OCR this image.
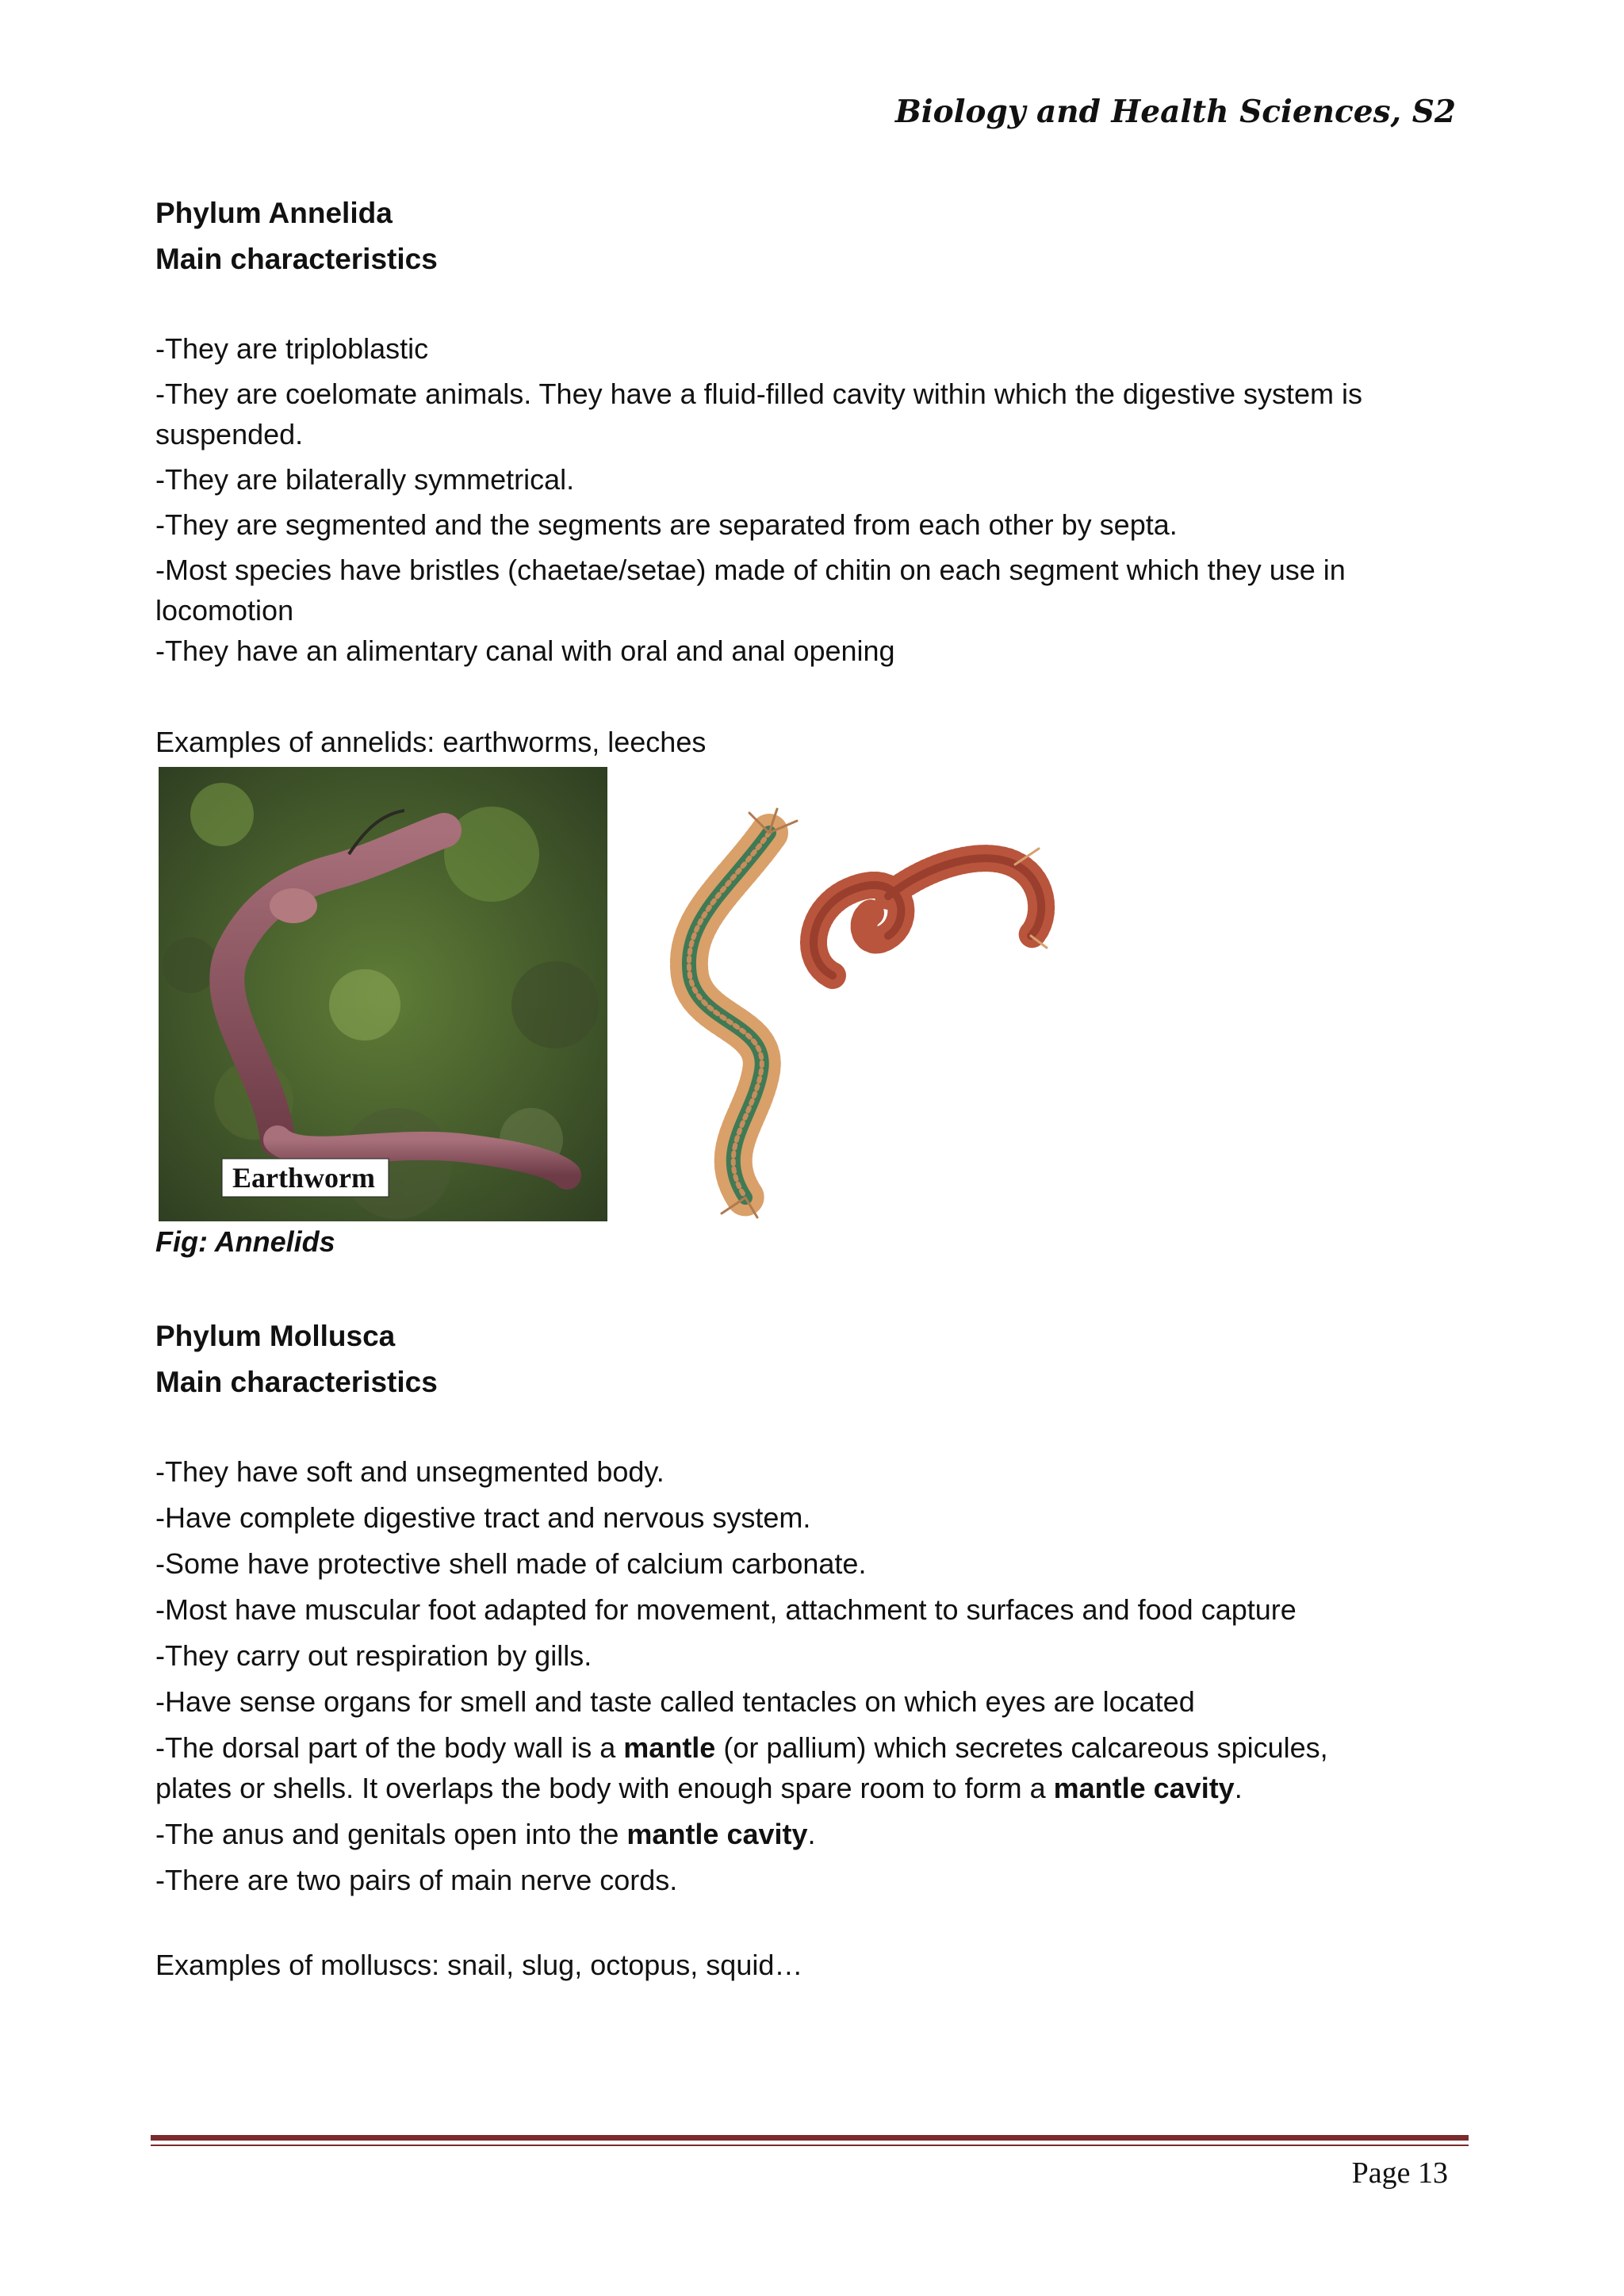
Biology and Health Sciences, S2
Phylum Annelida
Main characteristics

-They are triploblastic

-They are coelomate animals. They have a fluid-filled cavity within which the digestive system is

suspended.

-They are bilaterally symmetrical.

-They are segmented and the segments are separated from each other by septa.

-Most species have bristles (chaetae/setae) made of chitin on each segment which they use in

locomotion

-They have an alimentary canal with oral and anal opening

Examples of annelids: earthworms, leeches
Earthworm
Fig: Annelids
Phylum Mollusca
Main characteristics

-They have soft and unsegmented body.

-Have complete digestive tract and nervous system.

-Some have protective shell made of calcium carbonate.

-Most have muscular foot adapted for movement, attachment to surfaces and food capture

-They carry out respiration by gills.

-Have sense organs for smell and taste called tentacles on which eyes are located

-The dorsal part of the body wall is a mantle (or pallium) which secretes calcareous spicules,

plates or shells. It overlaps the body with enough spare room to form a mantle cavity.

-The anus and genitals open into the mantle cavity.

-There are two pairs of main nerve cords.

Examples of molluscs: snail, slug, octopus, squid…
Page 13
